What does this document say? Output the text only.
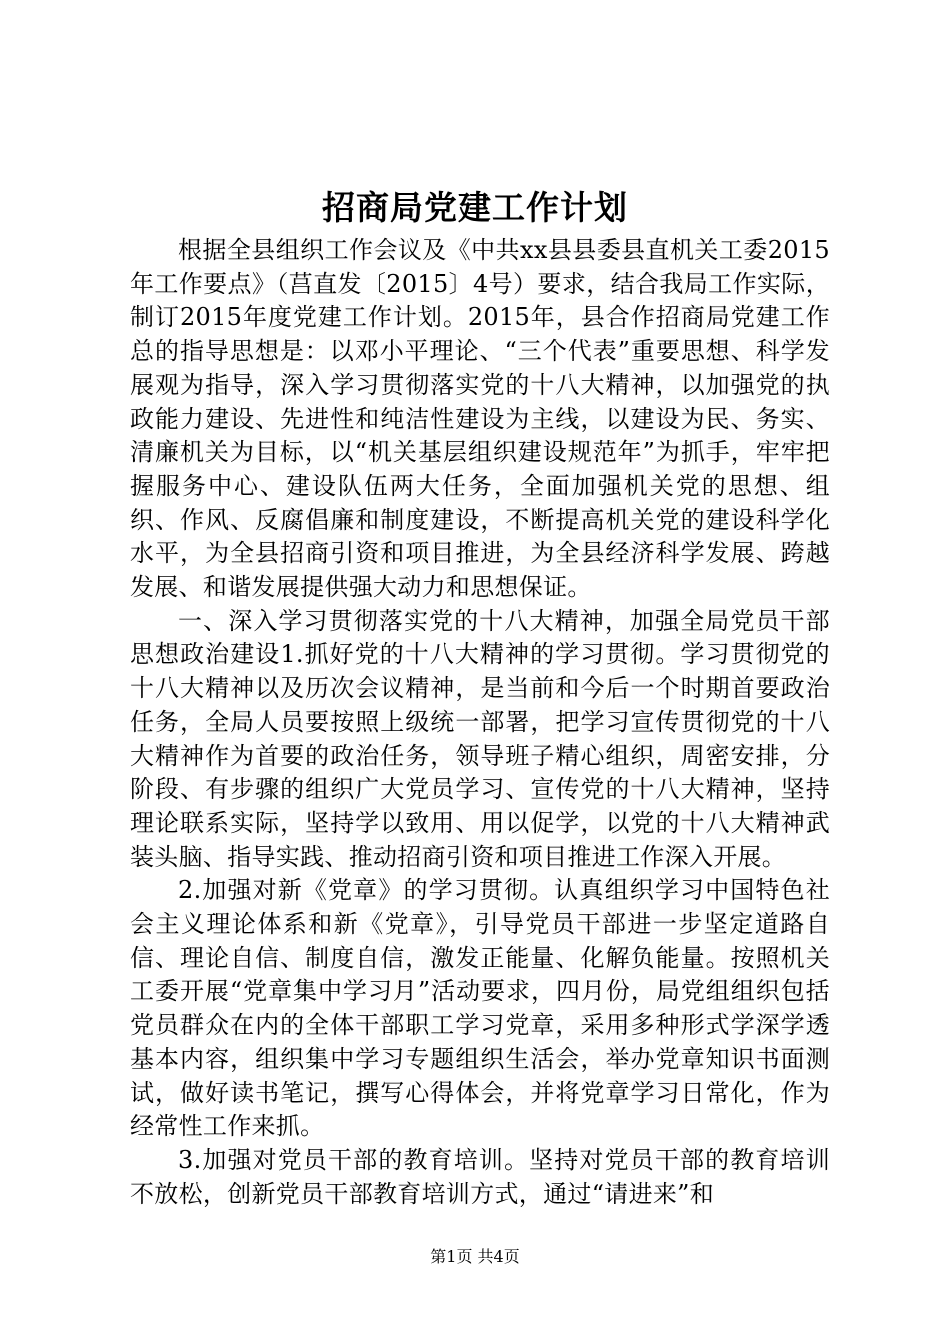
招商局党建工作计划

根据全县组织工作会议及《中共xx县县委县直机关工委2015年工作要点》（莒直发〔2015〕4号）要求，结合我局工作实际，制订2015年度党建工作计划。2015年，县合作招商局党建工作总的指导思想是：以邓小平理论、“三个代表”重要思想、科学发展观为指导，深入学习贯彻落实党的十八大精神，以加强党的执政能力建设、先进性和纯洁性建设为主线，以建设为民、务实、清廉机关为目标，以“机关基层组织建设规范年”为抓手，牢牢把握服务中心、建设队伍两大任务，全面加强机关党的思想、组织、作风、反腐倡廉和制度建设，不断提高机关党的建设科学化水平，为全县招商引资和项目推进，为全县经济科学发展、跨越发展、和谐发展提供强大动力和思想保证。

一、深入学习贯彻落实党的十八大精神，加强全局党员干部思想政治建设1.抓好党的十八大精神的学习贯彻。学习贯彻党的十八大精神以及历次会议精神，是当前和今后一个时期首要政治任务，全局人员要按照上级统一部署，把学习宣传贯彻党的十八大精神作为首要的政治任务，领导班子精心组织，周密安排，分阶段、有步骤的组织广大党员学习、宣传党的十八大精神，坚持理论联系实际，坚持学以致用、用以促学，以党的十八大精神武装头脑、指导实践、推动招商引资和项目推进工作深入开展。

2.加强对新《党章》的学习贯彻。认真组织学习中国特色社会主义理论体系和新《党章》，引导党员干部进一步坚定道路自信、理论自信、制度自信，激发正能量、化解负能量。按照机关工委开展“党章集中学习月”活动要求，四月份，局党组组织包括党员群众在内的全体干部职工学习党章，采用多种形式学深学透基本内容，组织集中学习专题组织生活会，举办党章知识书面测试，做好读书笔记，撰写心得体会，并将党章学习日常化，作为经常性工作来抓。

3.加强对党员干部的教育培训。坚持对党员干部的教育培训不放松，创新党员干部教育培训方式，通过“请进来”和

第1页 共4页
